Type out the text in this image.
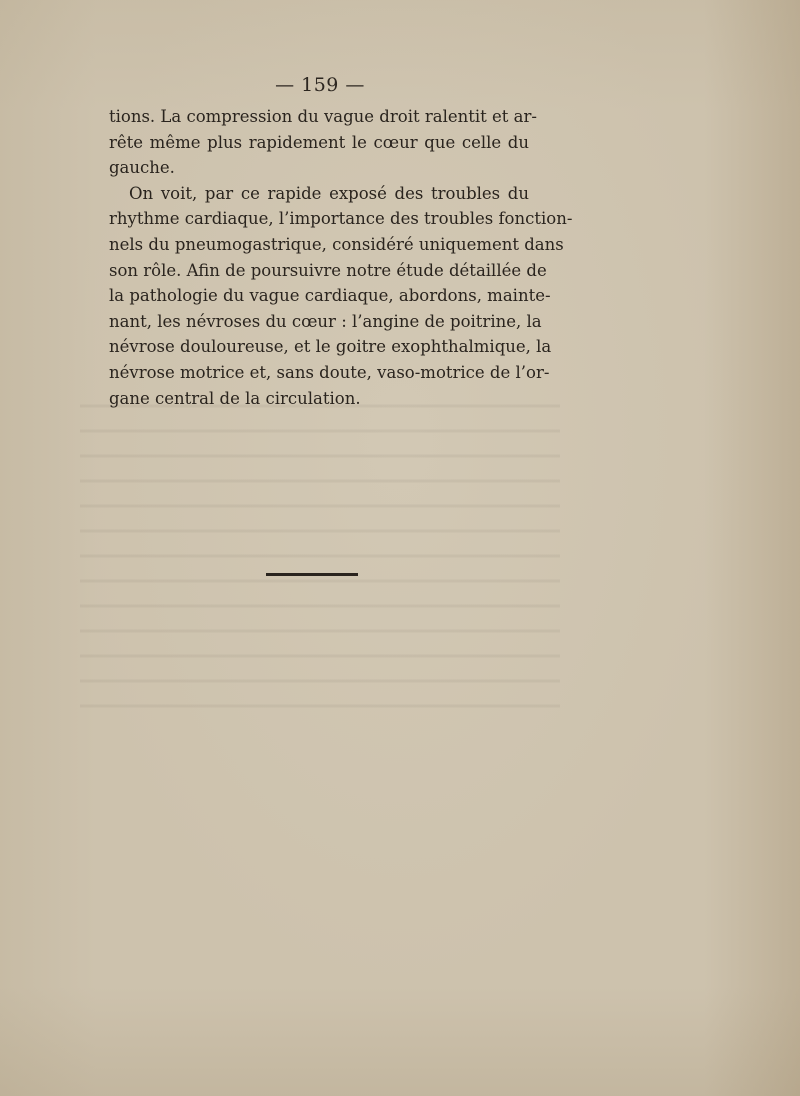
— 159 —
tions. La compression du vague droit ralentit et ar-
rête même plus rapidement le cœur que celle du
gauche.
On voit, par ce rapide exposé des troubles du
rhythme cardiaque, l’importance des troubles fonction-
nels du pneumogastrique, considéré uniquement dans
son rôle. Afin de poursuivre notre étude détaillée de
la pathologie du vague cardiaque, abordons, mainte-
nant, les névroses du cœur : l’angine de poitrine, la
névrose douloureuse, et le goitre exophthalmique, la
névrose motrice et, sans doute, vaso-motrice de l’or-
gane central de la circulation.
